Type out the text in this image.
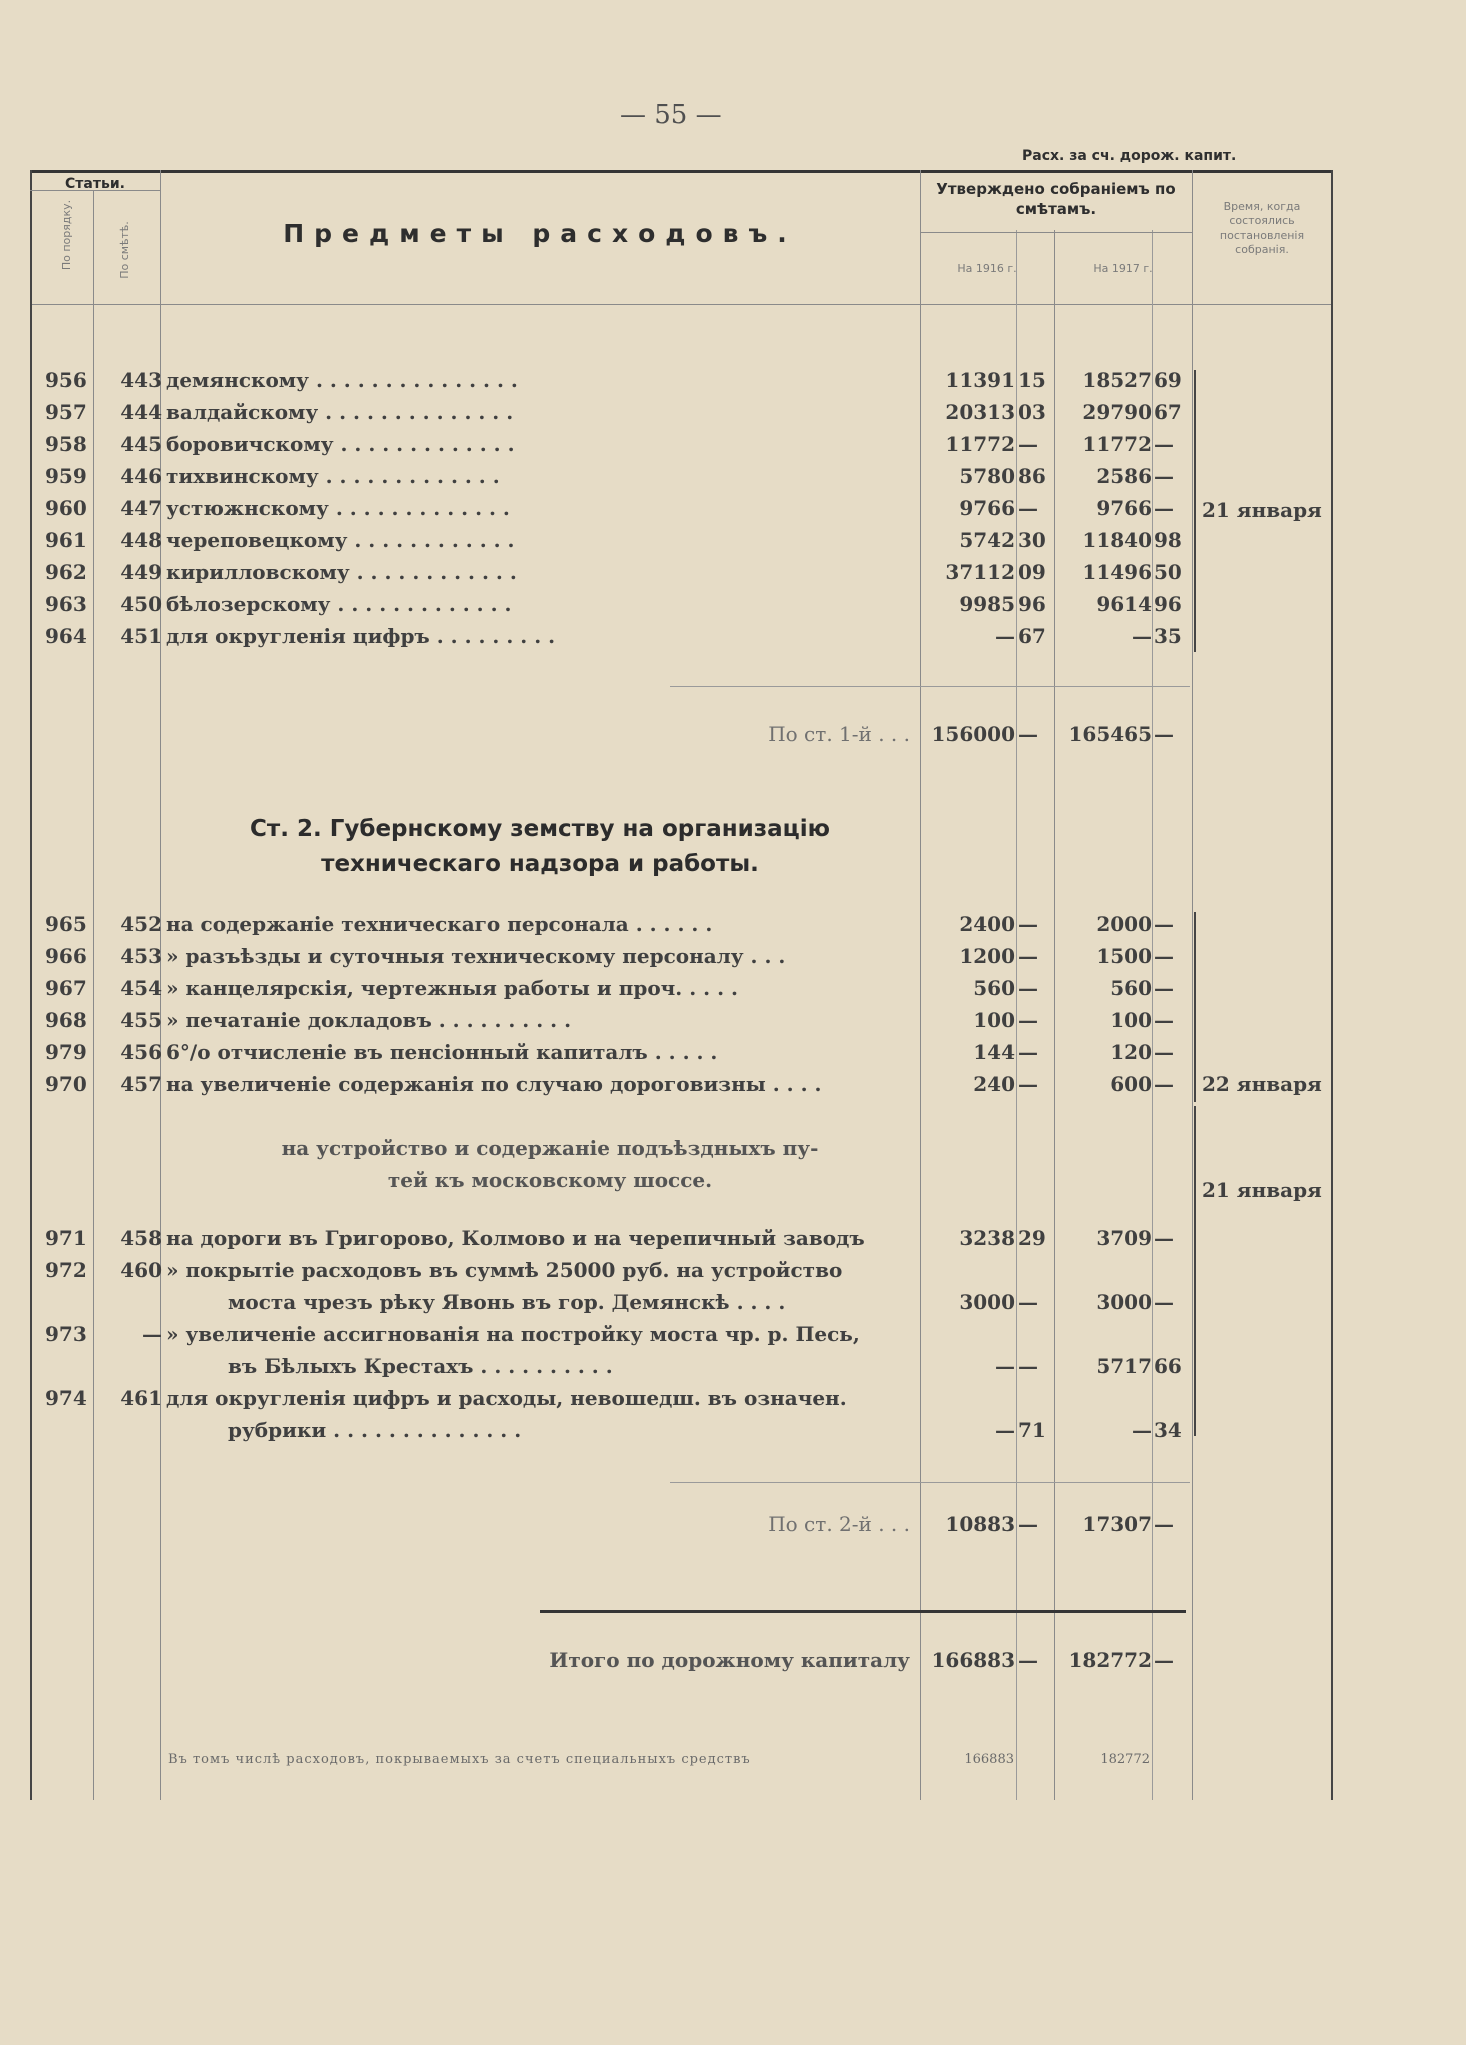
— 55 —
Расх. за сч. дорож. капит.
Статьи.
По порядку.	По смѣтѣ.	Предметы расходовъ.
Утверждено собраніемъ по смѣтамъ.
На 1916 г.	На 1917 г.
Время, когда состоялись постановленія собранія.
956	443 демянскому . . . . . . . . . . . . . . .	11391 15	18527 69
957	444 валдайскому . . . . . . . . . . . . . .	20313 03	29790 67
958	445 боровичскому . . . . . . . . . . . . .	11772 —	11772 —
959	446 тихвинскому . . . . . . . . . . . . .	5780 86	2586 —
960	447 устюжнскому . . . . . . . . . . . . .	9766 —	9766 —
961	448 череповецкому . . . . . . . . . . . .	5742 30	11840 98
962	449 кирилловскому . . . . . . . . . . . .	37112 09	11496 50
963	450 бѣлозерскому . . . . . . . . . . . . .	9985 96	9614 96
964	451 для округленія цифръ . . . . . . . . .	— 67	— 35
21 января
По ст. 1-й . . .	156000 —	165465 —
Ст. 2. Губернскому земству на организацію техническаго надзора и работы.
965	452 на содержаніе техническаго персонала . . . . . .	2400 —	2000 —
966	453 » разъѣзды и суточныя техническому персоналу . . .	1200 —	1500 —
967	454 » канцелярскія, чертежныя работы и проч. . . . .	560 —	560 —
968	455 » печатаніе докладовъ . . . . . . . . . .	100 —	100 —
979	456 6°/о отчисленіе въ пенсіонный капиталъ . . . . .	144 —	120 —
970	457 на увеличеніе содержанія по случаю дороговизны . . . .	240 —	600 —	22 января
на устройство и содержаніе подъѣздныхъ пу- тей къ московскому шоссе.	21 января
971	458 на дороги въ Григорово, Колмово и на черепичный заводъ	3238 29	3709 —
972	460 » покрытіе расходовъ въ суммѣ 25000 руб. на устройство
моста чрезъ рѣку Явонь въ гор. Демянскѣ . . . .	3000 —	3000 —
973	— » увеличеніе ассигнованія на постройку моста чр. р. Песь,
въ Бѣлыхъ Крестахъ . . . . . . . . . .	— —	5717 66
974	461 для округленія цифръ и расходы, невошедш. въ означен.
рубрики . . . . . . . . . . . . . .	— 71	— 34
По ст. 2-й . . .	10883 —	17307 —
Итого по дорожному капиталу	166883 —	182772 —
Въ томъ числѣ расходовъ, покрываемыхъ за счетъ специальныхъ средствъ	166883	182772
